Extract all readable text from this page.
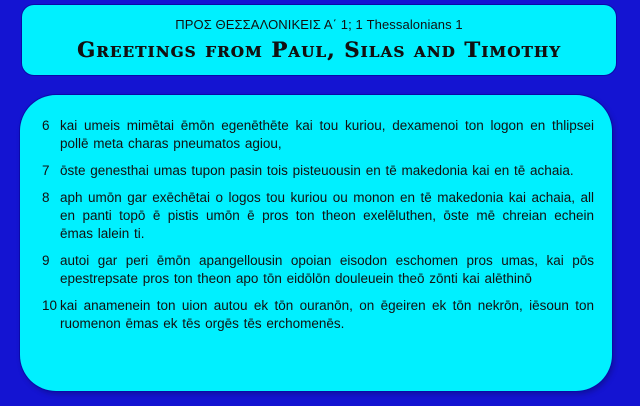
ΠΡΟΣ ΘΕΣΣΑΛΟΝΙΚΕΙΣ Α΄ 1; 1 Thessalonians 1
Greetings from Paul, Silas and Timothy
6 kai umeis mimētai ēmōn egenēthēte kai tou kuriou, dexamenoi ton logon en thlipsei pollē meta charas pneumatos agiou,
7 ōste genesthai umas tupon pasin tois pisteuousin en tē makedonia kai en tē achaia.
8 aph umōn gar exēchētai o logos tou kuriou ou monon en tē makedonia kai achaia, all en panti topō ē pistis umōn ē pros ton theon exelēluthen, ōste mē chreian echein ēmas lalein ti.
9 autoi gar peri ēmōn apangellousin opoian eisodon eschomen pros umas, kai pōs epestrepsate pros ton theon apo tōn eidōlōn douleuein theō zōnti kai alēthinō
10 kai anamenein ton uion autou ek tōn ouranōn, on ēgeiren ek tōn nekrōn, iēsoun ton ruomenon ēmas ek tēs orgēs tēs erchomenēs.
